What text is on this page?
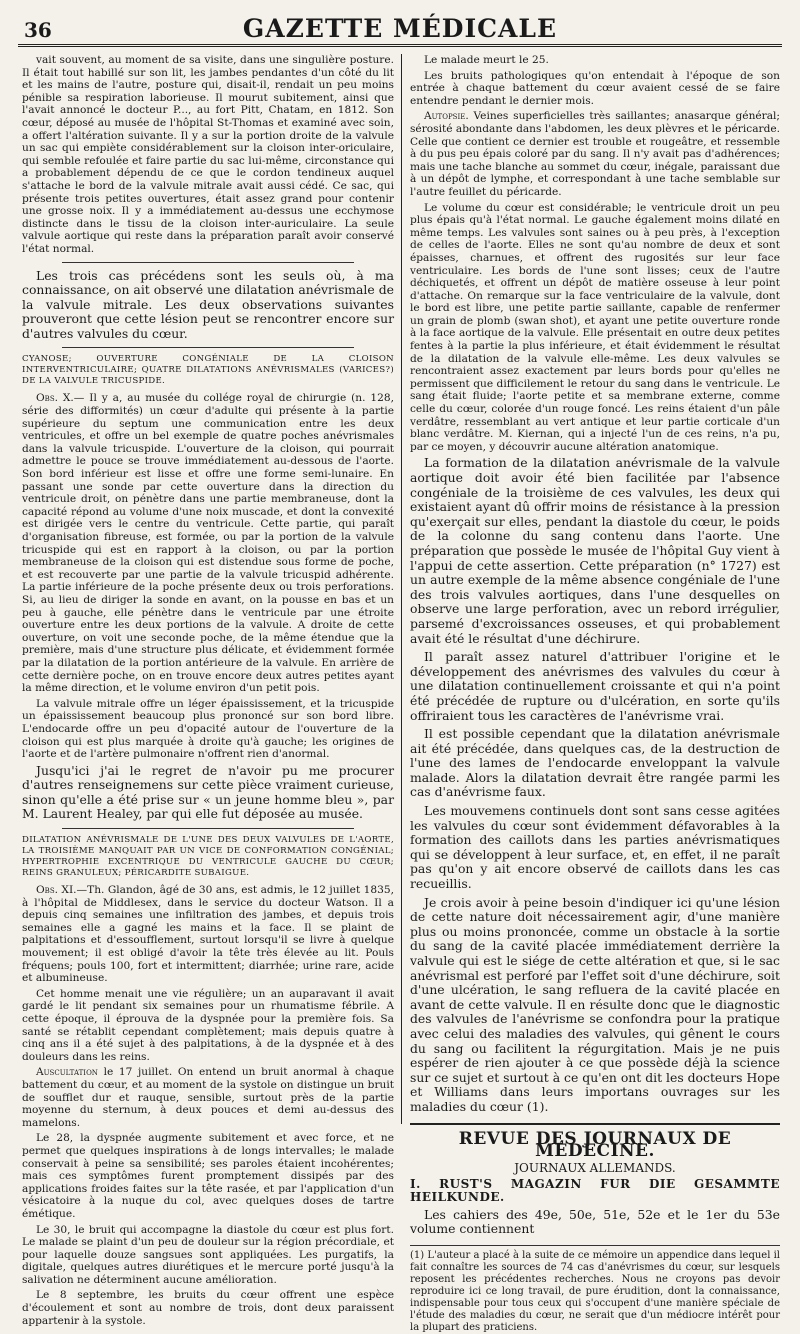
36	GAZETTE MÉDICALE

vait souvent, au moment de sa visite, dans une singulière posture. Il était tout habillé sur son lit, les jambes pendantes d'un côté du lit et les mains de l'autre, posture qui, disait-il, rendait un peu moins pénible sa respiration laborieuse. Il mourut subitement, ainsi que l'avait annoncé le docteur P..., au fort Pitt, Chatam, en 1812. Son cœur, déposé au musée de l'hôpital St-Thomas et examiné avec soin, a offert l'altération suivante. Il y a sur la portion droite de la valvule un sac qui empiète considérablement sur la cloison inter-oriculaire, qui semble refoulée et faire partie du sac lui-même, circonstance qui a probablement dépendu de ce que le cordon tendineux auquel s'attache le bord de la valvule mitrale avait aussi cédé. Ce sac, qui présente trois petites ouvertures, était assez grand pour contenir une grosse noix. Il y a immédiatement au-dessus une ecchymose distincte dans le tissu de la cloison inter-auriculaire. La seule valvule aortique qui reste dans la préparation paraît avoir conservé l'état normal.

Les trois cas précédens sont les seuls où, à ma connaissance, on ait observé une dilatation anévrismale de la valvule mitrale. Les deux observations suivantes prouveront que cette lésion peut se rencontrer encore sur d'autres valvules du cœur.

CYANOSE; OUVERTURE CONGÉNIALE DE LA CLOISON INTERVENTRICULAIRE; QUATRE DILATATIONS ANÉVRISMALES (VARICES?) DE LA VALVULE TRICUSPIDE.

Obs. X.— Il y a, au musée du collége royal de chirurgie (n. 128, série des difformités) un cœur d'adulte qui présente à la partie supérieure du septum une communication entre les deux ventricules, et offre un bel exemple de quatre poches anévrismales dans la valvule tricuspide. L'ouverture de la cloison, qui pourrait admettre le pouce se trouve immédiatement au-dessous de l'aorte. Son bord inférieur est lisse et offre une forme semi-lunaire. En passant une sonde par cette ouverture dans la direction du ventricule droit, on pénètre dans une partie membraneuse, dont la capacité répond au volume d'une noix muscade, et dont la convexité est dirigée vers le centre du ventricule. Cette partie, qui paraît d'organisation fibreuse, est formée, ou par la portion de la valvule tricuspide qui est en rapport à la cloison, ou par la portion membraneuse de la cloison qui est distendue sous forme de poche, et est recouverte par une partie de la valvule tricuspid adhérente. La partie inférieure de la poche présente deux ou trois perforations. Si, au lieu de diriger la sonde en avant, on la pousse en bas et un peu à gauche, elle pénètre dans le ventricule par une étroite ouverture entre les deux portions de la valvule. A droite de cette ouverture, on voit une seconde poche, de la même étendue que la première, mais d'une structure plus délicate, et évidemment formée par la dilatation de la portion antérieure de la valvule. En arrière de cette dernière poche, on en trouve encore deux autres petites ayant la même direction, et le volume environ d'un petit pois.

La valvule mitrale offre un léger épaississement, et la tricuspide un épaississement beaucoup plus prononcé sur son bord libre. L'endocarde offre un peu d'opacité autour de l'ouverture de la cloison qui est plus marquée à droite qu'à gauche; les origines de l'aorte et de l'artère pulmonaire n'offrent rien d'anormal.

Jusqu'ici j'ai le regret de n'avoir pu me procurer d'autres renseignemens sur cette pièce vraiment curieuse, sinon qu'elle a été prise sur « un jeune homme bleu », par M. Laurent Healey, par qui elle fut déposée au musée.

DILATATION ANÉVRISMALE DE L'UNE DES DEUX VALVULES DE L'AORTE, LA TROISIÈME MANQUAIT PAR UN VICE DE CONFORMATION CONGÉNIAL; HYPERTROPHIE EXCENTRIQUE DU VENTRICULE GAUCHE DU CŒUR; REINS GRANULEUX; PÉRICARDITE SUBAIGUE.

Obs. XI.—Th. Glandon, âgé de 30 ans, est admis, le 12 juillet 1835, à l'hôpital de Middlesex, dans le service du docteur Watson. Il a depuis cinq semaines une infiltration des jambes, et depuis trois semaines elle a gagné les mains et la face. Il se plaint de palpitations et d'essoufflement, surtout lorsqu'il se livre à quelque mouvement; il est obligé d'avoir la tête très élevée au lit. Pouls fréquens; pouls 100, fort et intermittent; diarrhée; urine rare, acide et albumineuse.

Cet homme menait une vie régulière; un an auparavant il avait gardé le lit pendant six semaines pour un rhumatisme fébrile. A cette époque, il éprouva de la dyspnée pour la première fois. Sa santé se rétablit cependant complètement; mais depuis quatre à cinq ans il a été sujet à des palpitations, à de la dyspnée et à des douleurs dans les reins.

Auscultation le 17 juillet. On entend un bruit anormal à chaque battement du cœur, et au moment de la systole on distingue un bruit de soufflet dur et rauque, sensible, surtout près de la partie moyenne du sternum, à deux pouces et demi au-dessus des mamelons.

Le 28, la dyspnée augmente subitement et avec force, et ne permet que quelques inspirations à de longs intervalles; le malade conservait à peine sa sensibilité; ses paroles étaient incohérentes; mais ces symptômes furent promptement dissipés par des applications froides faites sur la tête rasée, et par l'application d'un vésicatoire à la nuque du col, avec quelques doses de tartre émétique.

Le 30, le bruit qui accompagne la diastole du cœur est plus fort. Le malade se plaint d'un peu de douleur sur la région précordiale, et pour laquelle douze sangsues sont appliquées. Les purgatifs, la digitale, quelques autres diurétiques et le mercure porté jusqu'à la salivation ne déterminent aucune amélioration.

Le 8 septembre, les bruits du cœur offrent une espèce d'écoulement et sont au nombre de trois, dont deux paraissent appartenir à la systole.

Le malade meurt le 25.

Les bruits pathologiques qu'on entendait à l'époque de son entrée à chaque battement du cœur avaient cessé de se faire entendre pendant le dernier mois.

Autopsie. Veines superficielles très saillantes; anasarque général; sérosité abondante dans l'abdomen, les deux plèvres et le péricarde. Celle que contient ce dernier est trouble et rougeâtre, et ressemble à du pus peu épais coloré par du sang. Il n'y avait pas d'adhérences; mais une tache blanche au sommet du cœur, inégale, paraissant due à un dépôt de lymphe, et correspondant à une tache semblable sur l'autre feuillet du péricarde.

Le volume du cœur est considérable; le ventricule droit un peu plus épais qu'à l'état normal. Le gauche également moins dilaté en même temps. Les valvules sont saines ou à peu près, à l'exception de celles de l'aorte. Elles ne sont qu'au nombre de deux et sont épaisses, charnues, et offrent des rugosités sur leur face ventriculaire. Les bords de l'une sont lisses; ceux de l'autre déchiquetés, et offrent un dépôt de matière osseuse à leur point d'attache. On remarque sur la face ventriculaire de la valvule, dont le bord est libre, une petite partie saillante, capable de renfermer un grain de plomb (swan shot), et ayant une petite ouverture ronde à la face aortique de la valvule. Elle présentait en outre deux petites fentes à la partie la plus inférieure, et était évidemment le résultat de la dilatation de la valvule elle-même. Les deux valvules se rencontraient assez exactement par leurs bords pour qu'elles ne permissent que difficilement le retour du sang dans le ventricule. Le sang était fluide; l'aorte petite et sa membrane externe, comme celle du cœur, colorée d'un rouge foncé. Les reins étaient d'un pâle verdâtre, ressemblant au vert antique et leur partie corticale d'un blanc verdâtre. M. Kiernan, qui a injecté l'un de ces reins, n'a pu, par ce moyen, y découvrir aucune altération anatomique.

La formation de la dilatation anévrismale de la valvule aortique doit avoir été bien facilitée par l'absence congéniale de la troisième de ces valvules, les deux qui existaient ayant dû offrir moins de résistance à la pression qu'exerçait sur elles, pendant la diastole du cœur, le poids de la colonne du sang contenu dans l'aorte. Une préparation que possède le musée de l'hôpital Guy vient à l'appui de cette assertion. Cette préparation (n° 1727) est un autre exemple de la même absence congéniale de l'une des trois valvules aortiques, dans l'une desquelles on observe une large perforation, avec un rebord irrégulier, parsemé d'excroissances osseuses, et qui probablement avait été le résultat d'une déchirure.

Il paraît assez naturel d'attribuer l'origine et le développement des anévrismes des valvules du cœur à une dilatation continuellement croissante et qui n'a point été précédée de rupture ou d'ulcération, en sorte qu'ils offriraient tous les caractères de l'anévrisme vrai.

Il est possible cependant que la dilatation anévrismale ait été précédée, dans quelques cas, de la destruction de l'une des lames de l'endocarde enveloppant la valvule malade. Alors la dilatation devrait être rangée parmi les cas d'anévrisme faux.

Les mouvemens continuels dont sont sans cesse agitées les valvules du cœur sont évidemment défavorables à la formation des caillots dans les parties anévrismatiques qui se développent à leur surface, et, en effet, il ne paraît pas qu'on y ait encore observé de caillots dans les cas recueillis.

Je crois avoir à peine besoin d'indiquer ici qu'une lésion de cette nature doit nécessairement agir, d'une manière plus ou moins prononcée, comme un obstacle à la sortie du sang de la cavité placée immédiatement derrière la valvule qui est le siége de cette altération et que, si le sac anévrismal est perforé par l'effet soit d'une déchirure, soit d'une ulcération, le sang refluera de la cavité placée en avant de cette valvule. Il en résulte donc que le diagnostic des valvules de l'anévrisme se confondra pour la pratique avec celui des maladies des valvules, qui gênent le cours du sang ou facilitent la régurgitation. Mais je ne puis espérer de rien ajouter à ce que possède déjà la science sur ce sujet et surtout à ce qu'en ont dit les docteurs Hope et Williams dans leurs importans ouvrages sur les maladies du cœur (1).

REVUE DES JOURNAUX DE MÉDECINE.
JOURNAUX ALLEMANDS.
I. RUST'S MAGAZIN FUR DIE GESAMMTE HEILKUNDE.

Les cahiers des 49e, 50e, 51e, 52e et le 1er du 53e volume contiennent

(1) L'auteur a placé à la suite de ce mémoire un appendice dans lequel il fait connaître les sources de 74 cas d'anévrismes du cœur, sur lesquels reposent les précédentes recherches. Nous ne croyons pas devoir reproduire ici ce long travail, de pure érudition, dont la connaissance, indispensable pour tous ceux qui s'occupent d'une manière spéciale de l'étude des maladies du cœur, ne serait que d'un médiocre intérêt pour la plupart des praticiens.
